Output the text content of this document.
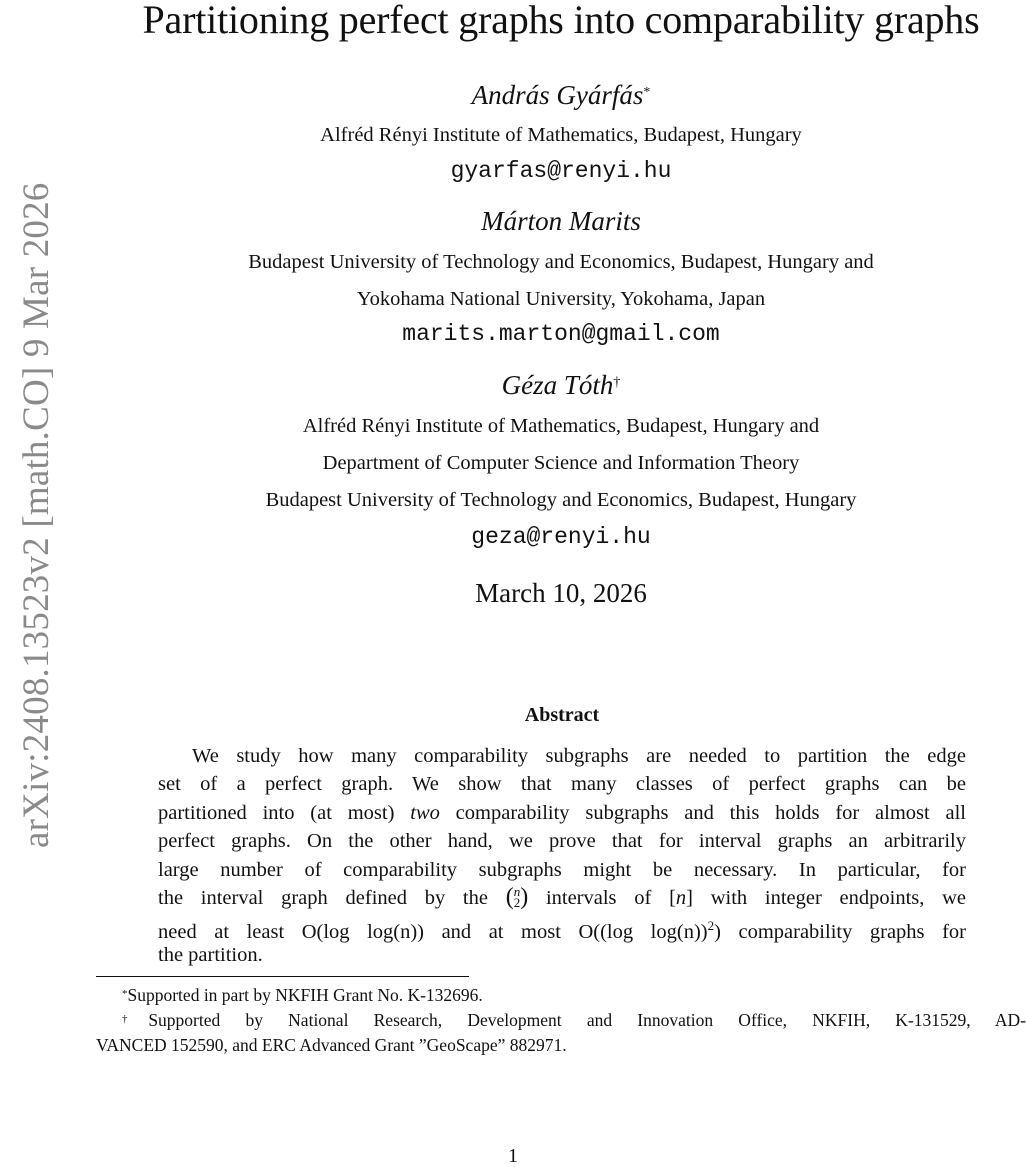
arXiv:2408.13523v2 [math.CO] 9 Mar 2026
Partitioning perfect graphs into comparability graphs
András Gyárfás*
Alfréd Rényi Institute of Mathematics, Budapest, Hungary
gyarfas@renyi.hu
Márton Marits
Budapest University of Technology and Economics, Budapest, Hungary and
Yokohama National University, Yokohama, Japan
marits.marton@gmail.com
Géza Tóth†
Alfréd Rényi Institute of Mathematics, Budapest, Hungary and
Department of Computer Science and Information Theory
Budapest University of Technology and Economics, Budapest, Hungary
geza@renyi.hu
March 10, 2026
Abstract
We study how many comparability subgraphs are needed to partition the edge
set of a perfect graph. We show that many classes of perfect graphs can be
partitioned into (at most) two comparability subgraphs and this holds for almost all
perfect graphs. On the other hand, we prove that for interval graphs an arbitrarily
large number of comparability subgraphs might be necessary. In particular, for
the interval graph defined by the ( n
2 ) intervals of [n] with integer endpoints, we
need at least O(log log(n)) and at most O((log log(n))$^2$) comparability graphs for
the partition.
*Supported in part by NKFIH Grant No. K-132696.
†Supported by National Research, Development and Innovation Office, NKFIH, K-131529, AD-
VANCED 152590, and ERC Advanced Grant ”GeoScape” 882971.
1
